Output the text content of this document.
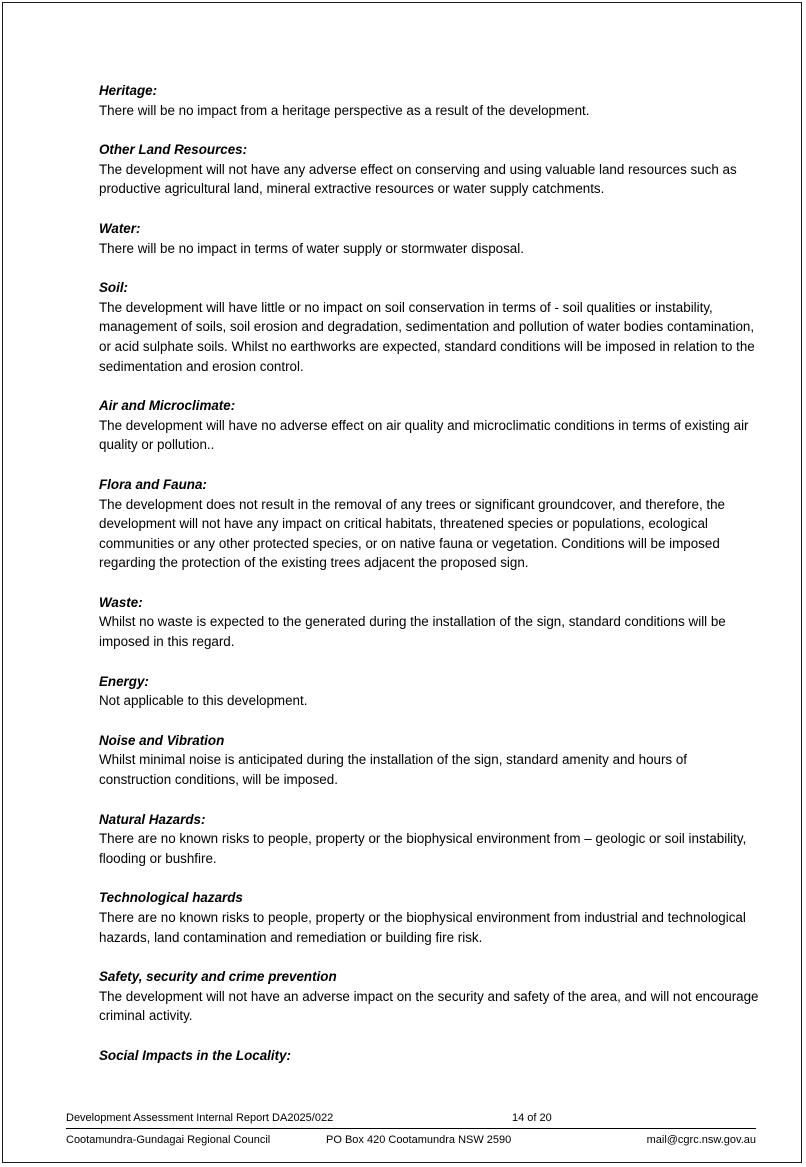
Heritage:

There will be no impact from a heritage perspective as a result of the development.

Other Land Resources:

The development will not have any adverse effect on conserving and using valuable land resources such as productive agricultural land, mineral extractive resources or water supply catchments.

Water:

There will be no impact in terms of water supply or stormwater disposal.

Soil:

The development will have little or no impact on soil conservation in terms of - soil qualities or instability, management of soils, soil erosion and degradation, sedimentation and pollution of water bodies contamination, or acid sulphate soils. Whilst no earthworks are expected, standard conditions will be imposed in relation to the sedimentation and erosion control.

Air and Microclimate:

The development will have no adverse effect on air quality and microclimatic conditions in terms of existing air quality or pollution..

Flora and Fauna:

The development does not result in the removal of any trees or significant groundcover, and therefore, the development will not have any impact on critical habitats, threatened species or populations, ecological communities or any other protected species, or on native fauna or vegetation. Conditions will be imposed regarding the protection of the existing trees adjacent the proposed sign.

Waste:

Whilst no waste is expected to the generated during the installation of the sign, standard conditions will be imposed in this regard.

Energy:

Not applicable to this development.

Noise and Vibration

Whilst minimal noise is anticipated during the installation of the sign, standard amenity and hours of construction conditions, will be imposed.

Natural Hazards:

There are no known risks to people, property or the biophysical environment from – geologic or soil instability, flooding or bushfire.

Technological hazards

There are no known risks to people, property or the biophysical environment from industrial and technological hazards, land contamination and remediation or building fire risk.

Safety, security and crime prevention

The development will not have an adverse impact on the security and safety of the area, and will not encourage criminal activity.

Social Impacts in the Locality:

Development Assessment Internal Report DA2025/022	14 of 20
Cootamundra-Gundagai Regional Council	PO Box 420 Cootamundra NSW 2590	mail@cgrc.nsw.gov.au
